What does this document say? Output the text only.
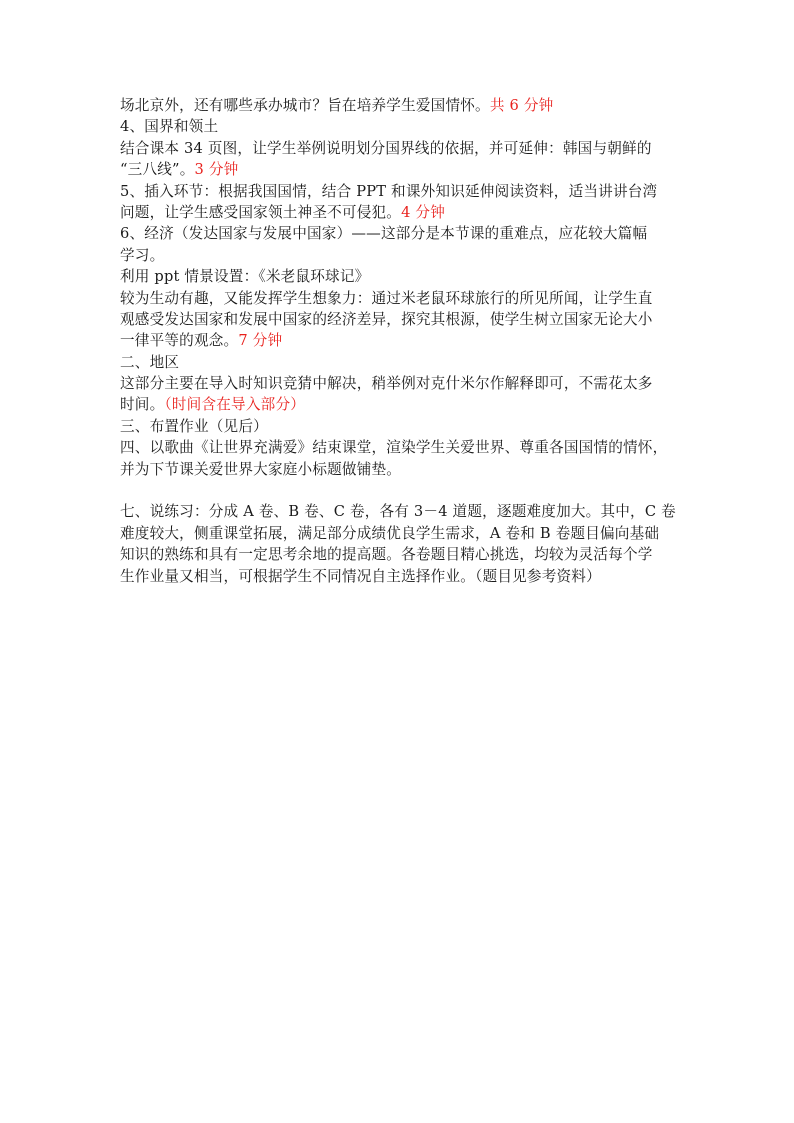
场北京外，还有哪些承办城市？旨在培养学生爱国情怀。共 6 分钟
4、国界和领土
结合课本 34 页图，让学生举例说明划分国界线的依据，并可延伸：韩国与朝鲜的
“三八线”。3 分钟
5、插入环节：根据我国国情，结合 PPT 和课外知识延伸阅读资料，适当讲讲台湾
问题，让学生感受国家领土神圣不可侵犯。4 分钟
6、经济（发达国家与发展中国家）——这部分是本节课的重难点，应花较大篇幅
学习。
利用 ppt 情景设置：《米老鼠环球记》
较为生动有趣，又能发挥学生想象力：通过米老鼠环球旅行的所见所闻，让学生直
观感受发达国家和发展中国家的经济差异，探究其根源，使学生树立国家无论大小
一律平等的观念。7 分钟
二、地区
这部分主要在导入时知识竞猜中解决，稍举例对克什米尔作解释即可，不需花太多
时间。（时间含在导入部分）
三、布置作业（见后）
四、以歌曲《让世界充满爱》结束课堂，渲染学生关爱世界、尊重各国国情的情怀，
并为下节课关爱世界大家庭小标题做铺垫。
七、说练习：分成 A 卷、B 卷、C 卷，各有 3－4 道题，逐题难度加大。其中，C 卷
难度较大，侧重课堂拓展，满足部分成绩优良学生需求，A 卷和 B 卷题目偏向基础
知识的熟练和具有一定思考余地的提高题。各卷题目精心挑选，均较为灵活每个学
生作业量又相当，可根据学生不同情况自主选择作业。（题目见参考资料）
